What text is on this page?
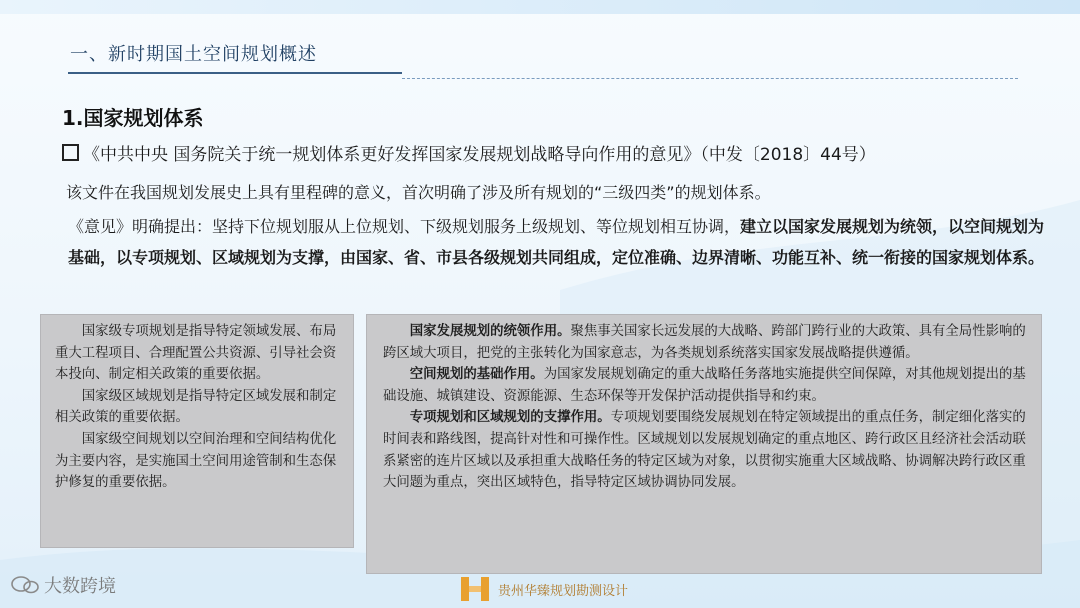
一、新时期国土空间规划概述
1.国家规划体系
《中共中央 国务院关于统一规划体系更好发挥国家发展规划战略导向作用的意见》（中发〔2018〕44号）
该文件在我国规划发展史上具有里程碑的意义，首次明确了涉及所有规划的“三级四类”的规划体系。
《意见》明确提出：坚持下位规划服从上位规划、下级规划服务上级规划、等位规划相互协调，建立以国家发展规划为统领，以空间规划为基础，以专项规划、区域规划为支撑，由国家、省、市县各级规划共同组成，定位准确、边界清晰、功能互补、统一衔接的国家规划体系。

国家级专项规划是指导特定领域发展、布局重大工程项目、合理配置公共资源、引导社会资本投向、制定相关政策的重要依据。

国家级区域规划是指导特定区域发展和制定相关政策的重要依据。

国家级空间规划以空间治理和空间结构优化为主要内容，是实施国土空间用途管制和生态保护修复的重要依据。

国家发展规划的统领作用。聚焦事关国家长远发展的大战略、跨部门跨行业的大政策、具有全局性影响的跨区域大项目，把党的主张转化为国家意志，为各类规划系统落实国家发展战略提供遵循。

空间规划的基础作用。为国家发展规划确定的重大战略任务落地实施提供空间保障，对其他规划提出的基础设施、城镇建设、资源能源、生态环保等开发保护活动提供指导和约束。

专项规划和区域规划的支撑作用。专项规划要围绕发展规划在特定领域提出的重点任务，制定细化落实的时间表和路线图，提高针对性和可操作性。区域规划以发展规划确定的重点地区、跨行政区且经济社会活动联系紧密的连片区域以及承担重大战略任务的特定区域为对象，以贯彻实施重大区域战略、协调解决跨行政区重大问题为重点，突出区域特色，指导特定区域协调协同发展。

大数跨境	贵州华臻规划勘测设计
